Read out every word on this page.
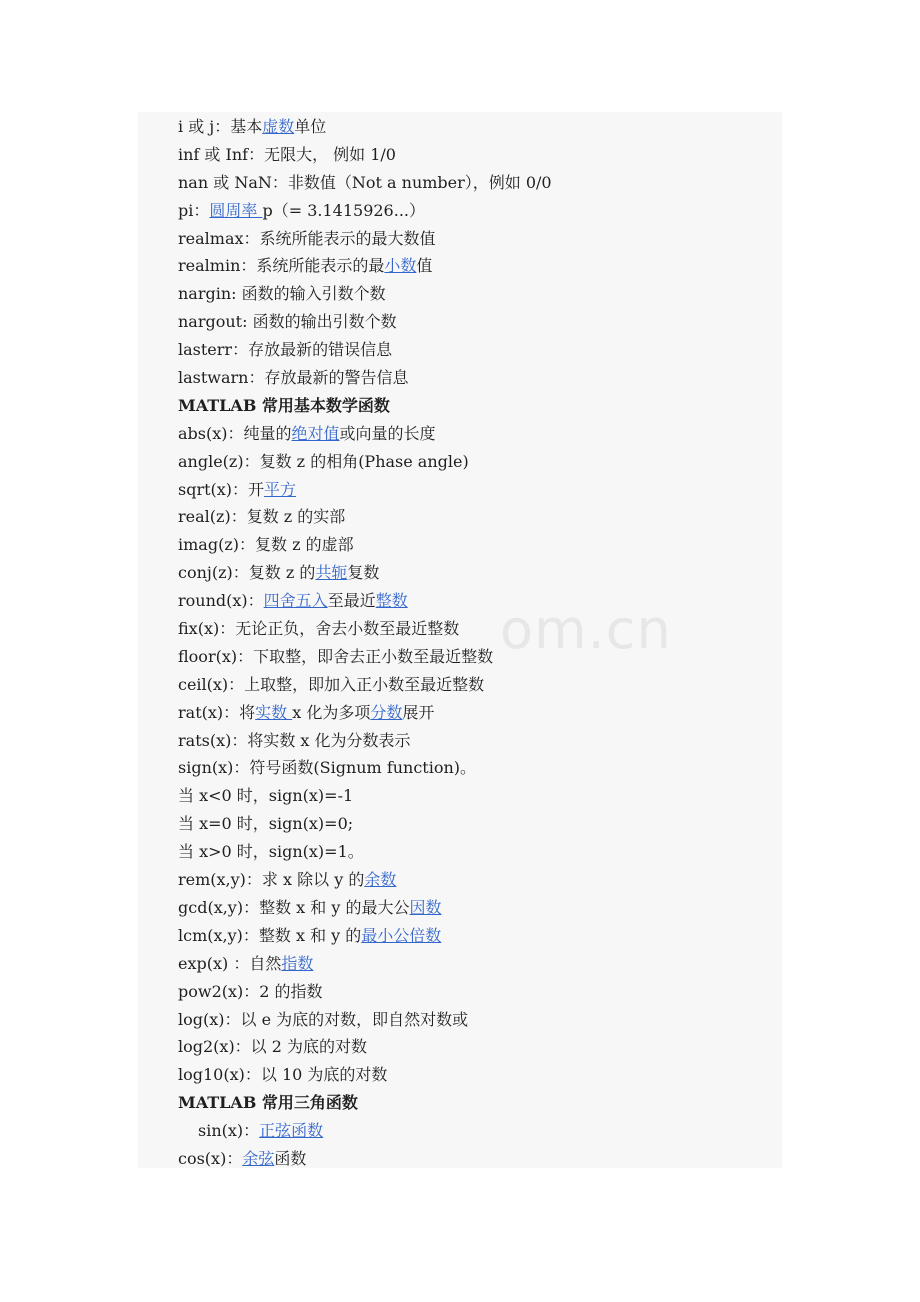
i 或 j：基本虚数单位
inf 或 Inf：无限大， 例如 1/0
nan 或 NaN：非数值（Not a number），例如 0/0
pi：圆周率 p（= 3.1415926...）
realmax：系统所能表示的最大数值
realmin：系统所能表示的最小数值
nargin: 函数的输入引数个数
nargout: 函数的输出引数个数
lasterr：存放最新的错误信息
lastwarn：存放最新的警告信息
MATLAB 常用基本数学函数
abs(x)：纯量的绝对值或向量的长度
angle(z)：复数 z 的相角(Phase angle)
sqrt(x)：开平方
real(z)：复数 z 的实部
imag(z)：复数 z 的虚部
conj(z)：复数 z 的共轭复数
round(x)：四舍五入至最近整数
fix(x)：无论正负，舍去小数至最近整数
floor(x)：下取整，即舍去正小数至最近整数
ceil(x)：上取整，即加入正小数至最近整数
rat(x)：将实数 x 化为多项分数展开
rats(x)：将实数 x 化为分数表示
sign(x)：符号函数(Signum function)。
当 x<0 时，sign(x)=-1
当 x=0 时，sign(x)=0;
当 x>0 时，sign(x)=1。
rem(x,y)：求 x 除以 y 的余数
gcd(x,y)：整数 x 和 y 的最大公因数
lcm(x,y)：整数 x 和 y 的最小公倍数
exp(x) ：自然指数
pow2(x)：2 的指数
log(x)：以 e 为底的对数，即自然对数或
log2(x)：以 2 为底的对数
log10(x)：以 10 为底的对数
MATLAB 常用三角函数
sin(x)：正弦函数
cos(x)：余弦函数
om.cn
